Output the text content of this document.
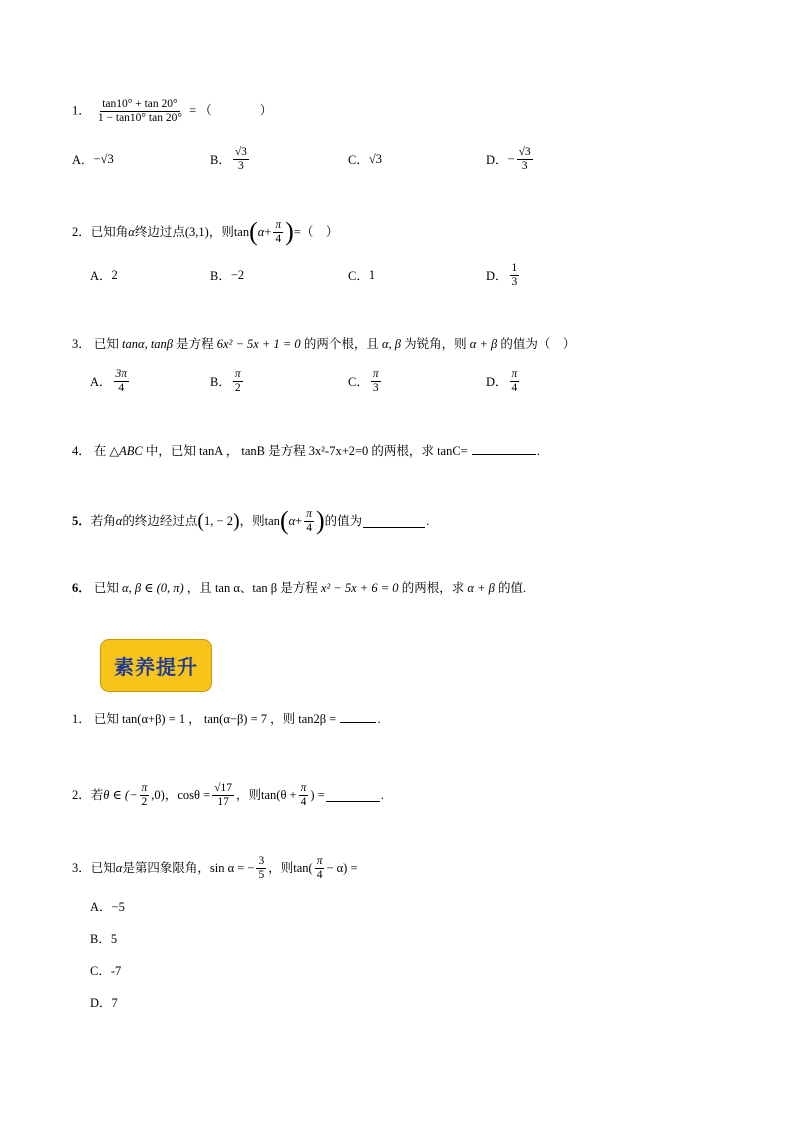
1． $\frac{\tan 10^\circ + \tan 20^\circ}{1 - \tan 10^\circ \tan 20^\circ}$ = （	）
A． −√3	B． $\frac{√3}{3}$	C． √3	D． − $\frac{√3}{3}$
2． 已知角 α 终边过点 (3,1) ，则 tan ( $\alpha + \frac{\pi}{4}$ ) = （    ）
A． 2	B． −2	C． 1	D． $\frac{1}{3}$
3． 已知 tanα, tanβ 是方程 6x² − 5x + 1 = 0 的两个根，且 α, β 为锐角，则 α + β 的值为（    ）
A． $\frac{3\pi}{4}$	B． $\frac{\pi}{2}$	C． $\frac{\pi}{3}$	D． $\frac{\pi}{4}$
4． 在 △ABC 中，已知 tanA ， tanB 是方程 3x²-7x+2=0 的两根，求 tanC=	.
5． 若角 α 的终边经过点 ( 1, − 2 ) ，则 tan ( $\alpha + \frac{\pi}{4}$ ) 的值为	.
6． 已知 α, β ∈ (0, π) ，且 tan α、tan β 是方程 x² − 5x + 6 = 0 的两根，求 α + β 的值.
素养提升
1． 已知 tan(α+β) = 1 ， tan(α−β) = 7 ，则 tan2β =	.
2． 若 θ ∈ (− $\frac{\pi}{2} ,0$) ， $\cos\theta = \frac{√17}{17}$ ，则 $\tan(\theta + \frac{\pi}{4}$ ) =	.
3． 已知 α 是第四象限角， sin α = − $\frac{3}{5}$ ，则 $\tan( \frac{\pi}{4} - \alpha)$ =
A．−5
B．5
C．-7
D．7
